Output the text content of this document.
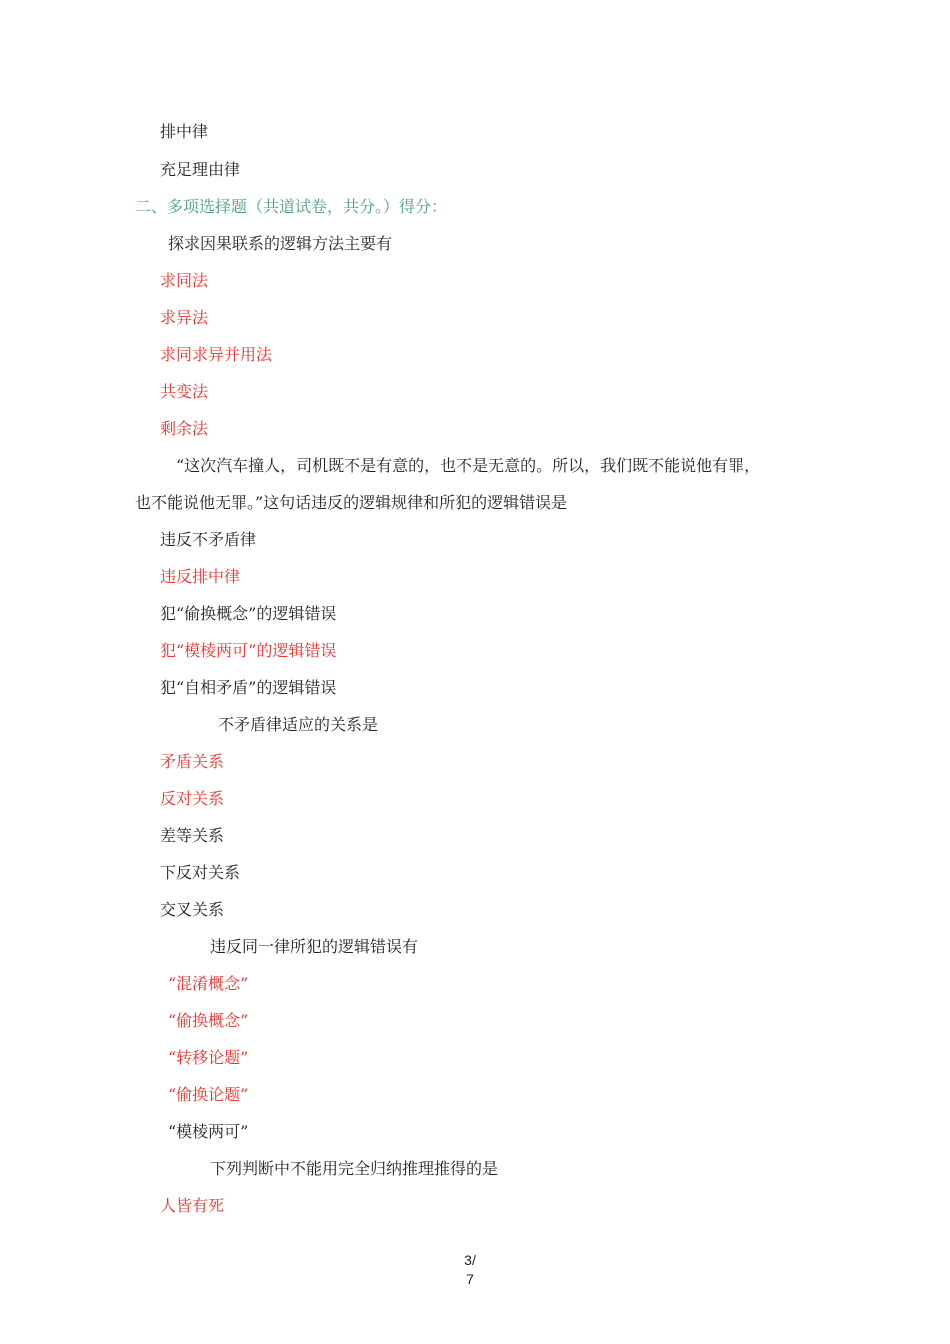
排中律
充足理由律
二、多项选择题（共道试卷，共分。）得分：
探求因果联系的逻辑方法主要有
求同法
求异法
求同求异并用法
共变法
剩余法
“这次汽车撞人，司机既不是有意的，也不是无意的。所以，我们既不能说他有罪，
也不能说他无罪。”这句话违反的逻辑规律和所犯的逻辑错误是
违反不矛盾律
违反排中律
犯“偷换概念”的逻辑错误
犯“模棱两可”的逻辑错误
犯“自相矛盾”的逻辑错误
不矛盾律适应的关系是
矛盾关系
反对关系
差等关系
下反对关系
交叉关系
违反同一律所犯的逻辑错误有
“混淆概念”
“偷换概念”
“转移论题”
“偷换论题”
“模棱两可”
下列判断中不能用完全归纳推理推得的是
人皆有死
3/
7
